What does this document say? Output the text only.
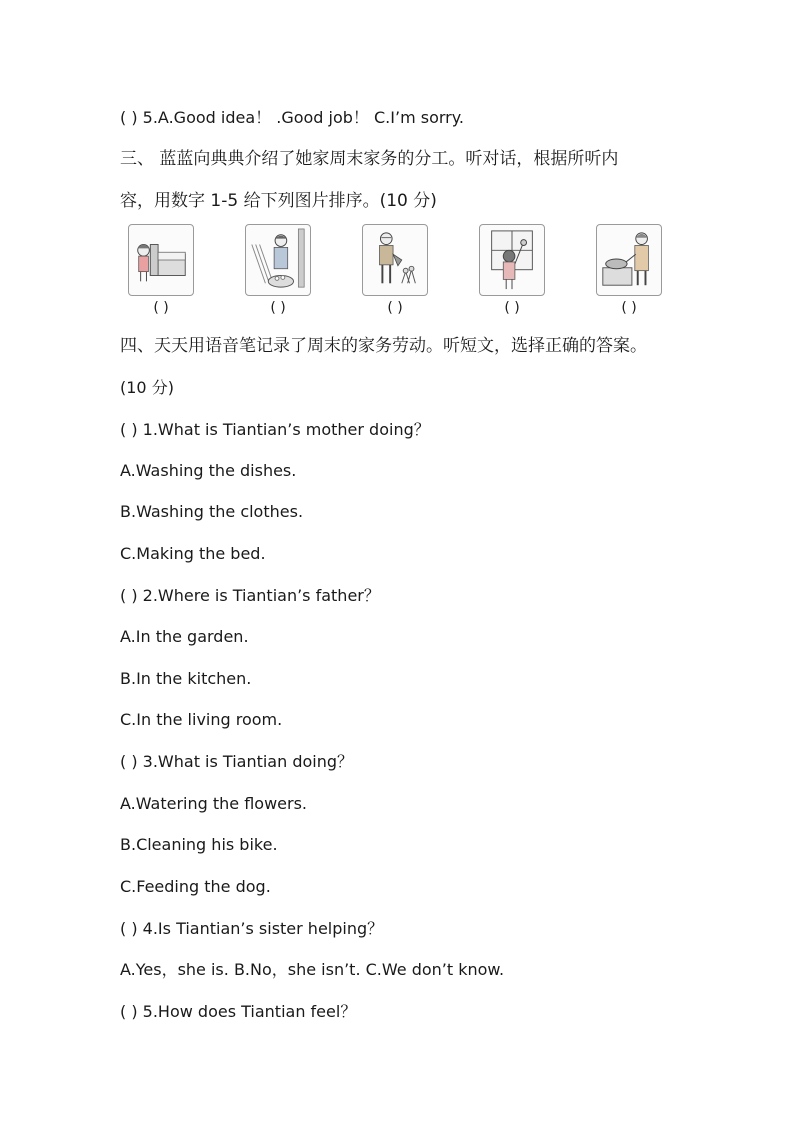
( ) 5.A.Good idea！ .Good job！ C.I’m sorry.
三、 蓝蓝向典典介绍了她家周末家务的分工。听对话，根据所听内
容，用数字 1-5 给下列图片排序。(10 分)
( )	( )	( )	( )	( )
四、天天用语音笔记录了周末的家务劳动。听短文，选择正确的答案。
(10 分)
( ) 1.What is Tiantian’s mother doing？
A.Washing the dishes.
B.Washing the clothes.
C.Making the bed.
( ) 2.Where is Tiantian’s father？
A.In the garden.
B.In the kitchen.
C.In the living room.
( ) 3.What is Tiantian doing？
A.Watering the flowers.
B.Cleaning his bike.
C.Feeding the dog.
( ) 4.Is Tiantian’s sister helping？
A.Yes，she is. B.No，she isn’t. C.We don’t know.
( ) 5.How does Tiantian feel？
